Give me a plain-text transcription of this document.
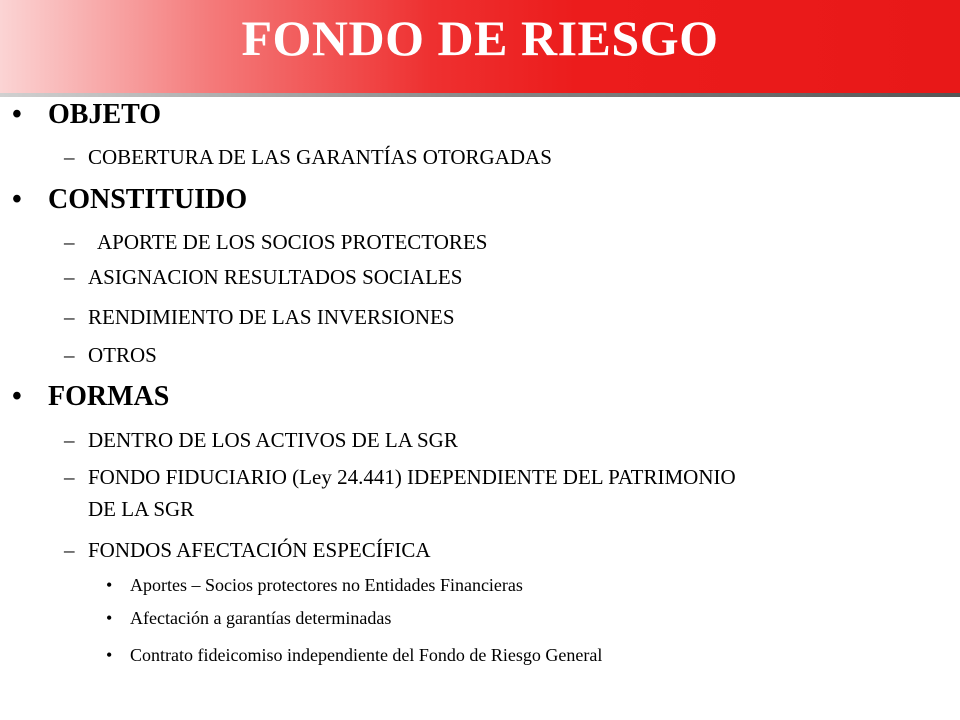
FONDO DE RIESGO
• OBJETO
– COBERTURA DE LAS GARANTÍAS OTORGADAS
• CONSTITUIDO
– APORTE DE LOS SOCIOS PROTECTORES
– ASIGNACION RESULTADOS SOCIALES
– RENDIMIENTO DE LAS INVERSIONES
– OTROS
• FORMAS
– DENTRO DE LOS ACTIVOS DE LA SGR
– FONDO FIDUCIARIO (Ley 24.441) IDEPENDIENTE DEL PATRIMONIO
DE LA SGR
– FONDOS AFECTACIÓN ESPECÍFICA
• Aportes – Socios protectores no Entidades Financieras
• Afectación a garantías determinadas
• Contrato fideicomiso independiente del Fondo de Riesgo General
